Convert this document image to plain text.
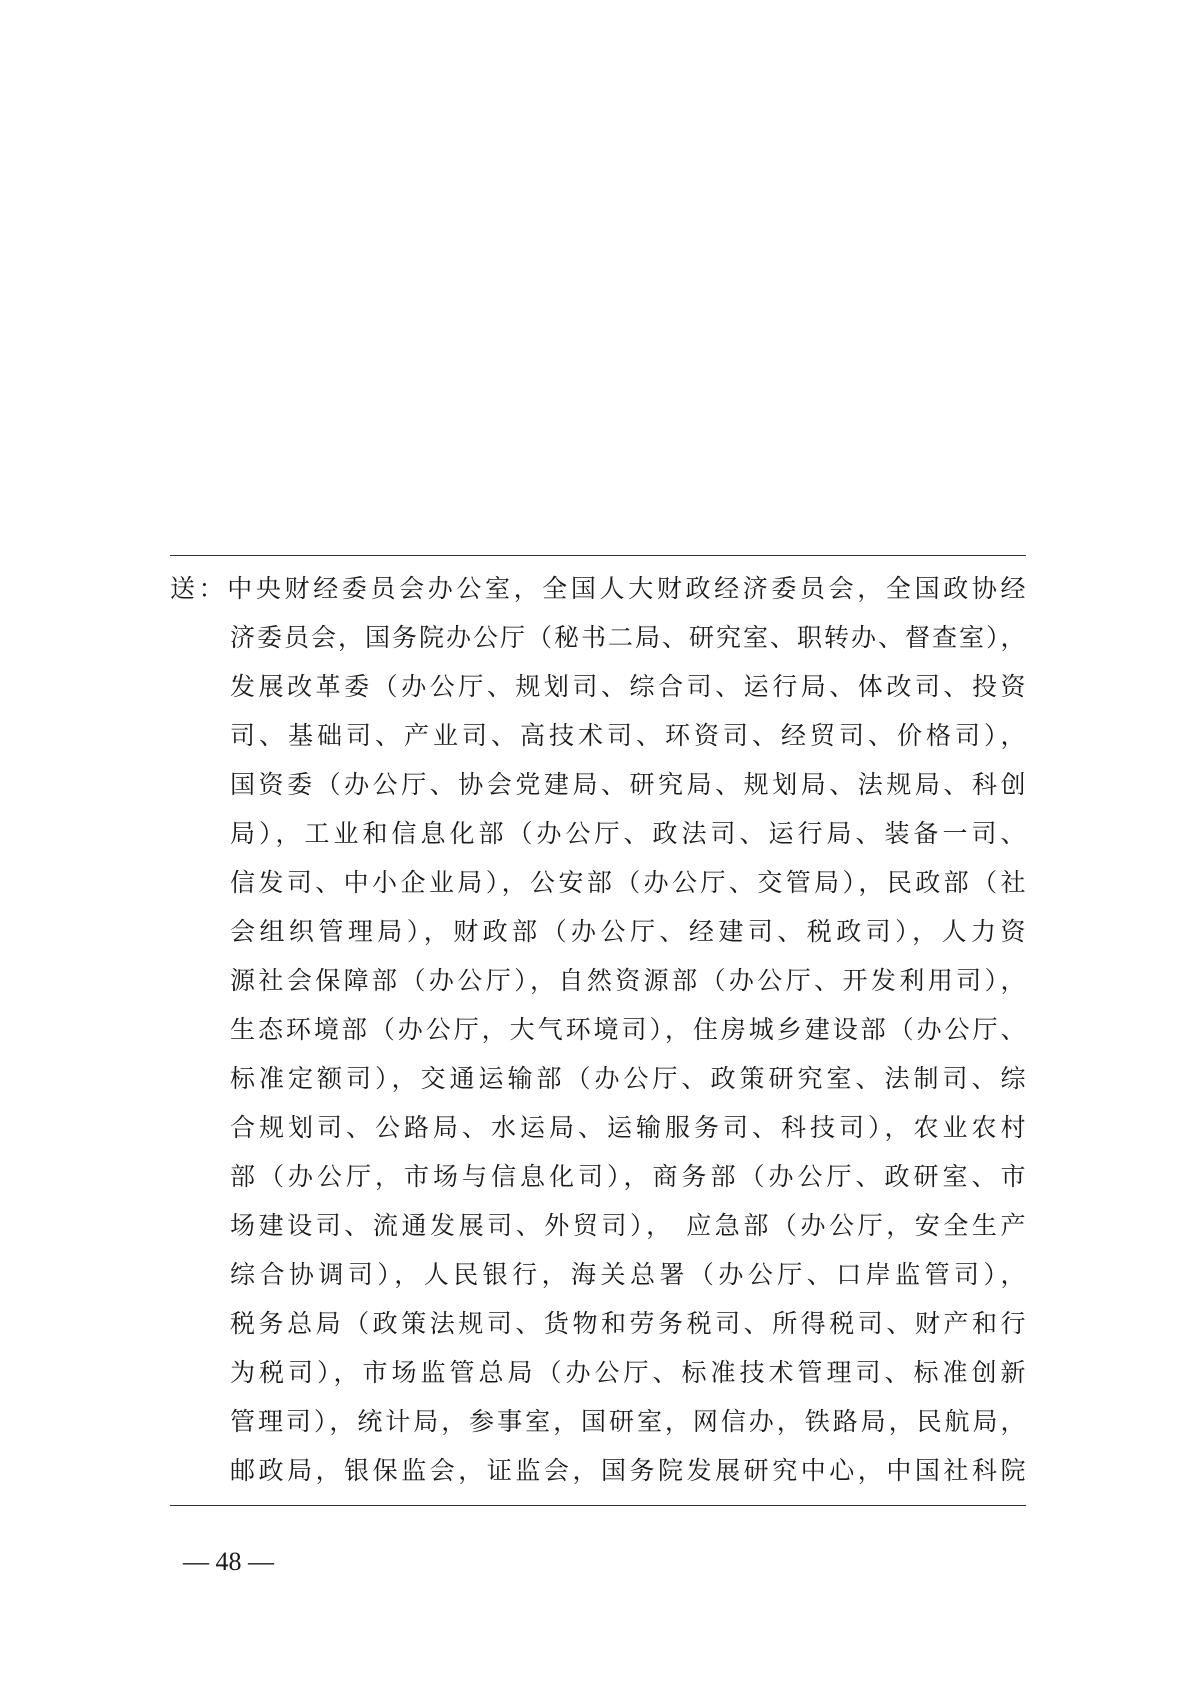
送：中央财经委员会办公室，全国人大财政经济委员会，全国政协经
济委员会，国务院办公厅（秘书二局、研究室、职转办、督查室），
发展改革委（办公厅、规划司、综合司、运行局、体改司、投资
司、基础司、产业司、高技术司、环资司、经贸司、价格司），
国资委（办公厅、协会党建局、研究局、规划局、法规局、科创
局），工业和信息化部（办公厅、政法司、运行局、装备一司、
信发司、中小企业局），公安部（办公厅、交管局），民政部（社
会组织管理局），财政部（办公厅、经建司、税政司），人力资
源社会保障部（办公厅），自然资源部（办公厅、开发利用司），
生态环境部（办公厅，大气环境司），住房城乡建设部（办公厅、
标准定额司），交通运输部（办公厅、政策研究室、法制司、综
合规划司、公路局、水运局、运输服务司、科技司），农业农村
部（办公厅，市场与信息化司），商务部（办公厅、政研室、市
场建设司、流通发展司、外贸司）， 应急部（办公厅，安全生产
综合协调司），人民银行，海关总署（办公厅、口岸监管司），
税务总局（政策法规司、货物和劳务税司、所得税司、财产和行
为税司），市场监管总局（办公厅、标准技术管理司、标准创新
管理司），统计局，参事室，国研室，网信办，铁路局，民航局，
邮政局，银保监会，证监会，国务院发展研究中心，中国社科院
— 48 —
